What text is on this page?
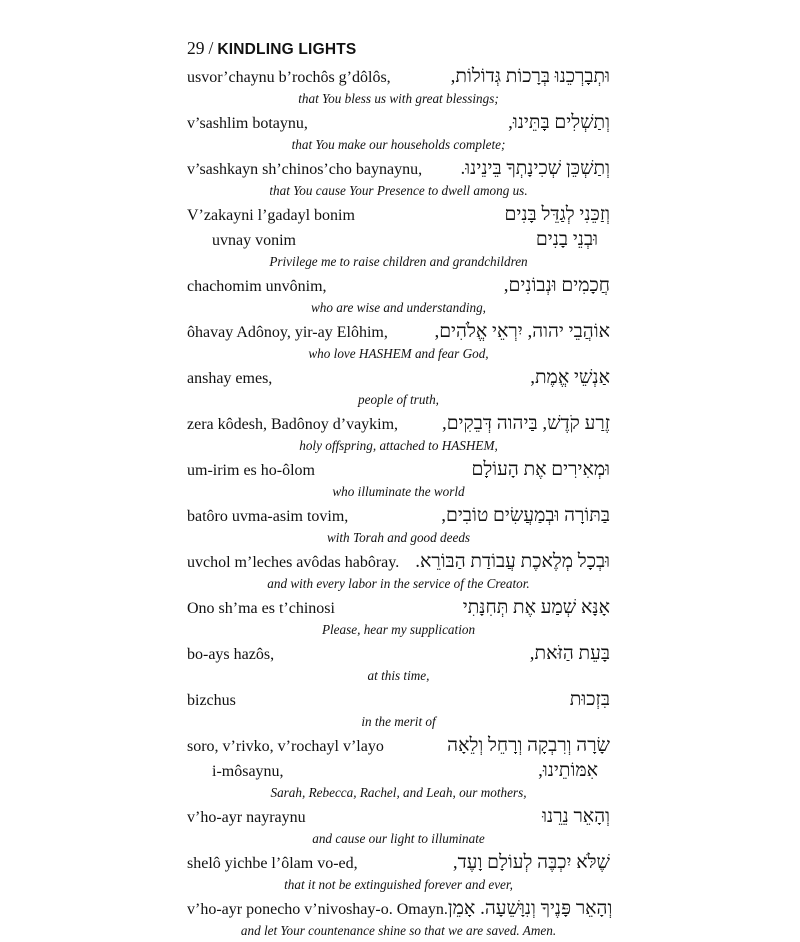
29 / KINDLING LIGHTS
usvor’chaynu b’rochôs g’dôlôs,	וּתְבָרְכֵנוּ בְּרָכוֹת גְּדוֹלוֹת,
that You bless us with great blessings;
v’sashlim botaynu,	וְתַשְׁלִים בָּתֵּינוּ,
that You make our households complete;
v’sashkayn sh’chinos’cho baynaynu, וְתַשְׁכֵּן שְׁכִינָתְךָ בֵּינֵינוּ.
that You cause Your Presence to dwell among us.
V’zakayni l’gadayl bonim	וְזַכֵּנִי לְגַדֵּל בָּנִים
uvnay vonim	וּבְנֵי בָנִים
Privilege me to raise children and grandchildren
chachomim unvônim,	חֲכָמִים וּנְבוֹנִים,
who are wise and understanding,
ôhavay Adônoy, yir-ay Elôhim, אוֹהֲבֵי יהוה, יִרְאֵי אֱלֹהִים,
who love HASHEM and fear God,
anshay emes,	אַנְשֵׁי אֱמֶת,
people of truth,
zera kôdesh, Badônoy d’vaykim, זֶרַע קֹדֶשׁ, בַּיהוה דְּבֵקִים,
holy offspring, attached to HASHEM,
um-irim es ho-ôlom	וּמְאִירִים אֶת הָעוֹלָם
who illuminate the world
batôro uvma-asim tovim,	בַּתּוֹרָה וּבְמַעֲשִׂים טוֹבִים,
with Torah and good deeds
uvchol m’leches avôdas habôray. וּבְכָל מְלֶאכֶת עֲבוֹדַת הַבּוֹרֵא.
and with every labor in the service of the Creator.
Ono sh’ma es t’chinosi	אָנָּא שְׁמַע אֶת תְּחִנָּתִי
Please, hear my supplication
bo-ays hazôs,	בָּעֵת הַזֹּאת,
at this time,
bizchus	בִּזְכוּת
in the merit of
soro, v’rivko, v’rochayl v’layo	שָׂרָה וְרִבְקָה וְרָחֵל וְלֵאָה
i-môsaynu,	אִמּוֹתֵינוּ,
Sarah, Rebecca, Rachel, and Leah, our mothers,
v’ho-ayr nayraynu	וְהָאֵר נֵרֵנוּ
and cause our light to illuminate
shelô yichbe l’ôlam vo-ed,	שֶׁלֹּא יִכְבֶּה לְעוֹלָם וָעֶד,
that it not be extinguished forever and ever,
v’ho-ayr ponecho v’nivoshay-o. Omayn. וְהָאֵר פָּנֶיךָ וְנִוָּשֵׁעָה. אָמֵן
and let Your countenance shine so that we are saved. Amen.
